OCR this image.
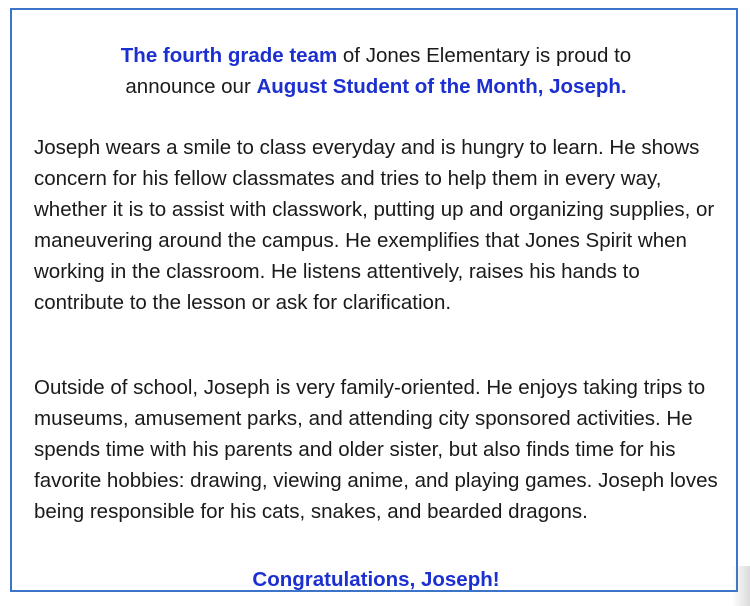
The fourth grade team of Jones Elementary is proud to
announce our August Student of the Month, Joseph.
Joseph wears a smile to class everyday and is hungry to learn. He shows concern for his fellow classmates and tries to help them in every way, whether it is to assist with classwork, putting up and organizing supplies, or maneuvering around the campus. He exemplifies that Jones Spirit when working in the classroom. He listens attentively, raises his hands to contribute to the lesson or ask for clarification.
Outside of school, Joseph is very family-oriented. He enjoys taking trips to museums, amusement parks, and attending city sponsored activities. He spends time with his parents and older sister, but also finds time for his favorite hobbies: drawing, viewing anime, and playing games. Joseph loves being responsible for his cats, snakes, and bearded dragons.
Congratulations, Joseph!
